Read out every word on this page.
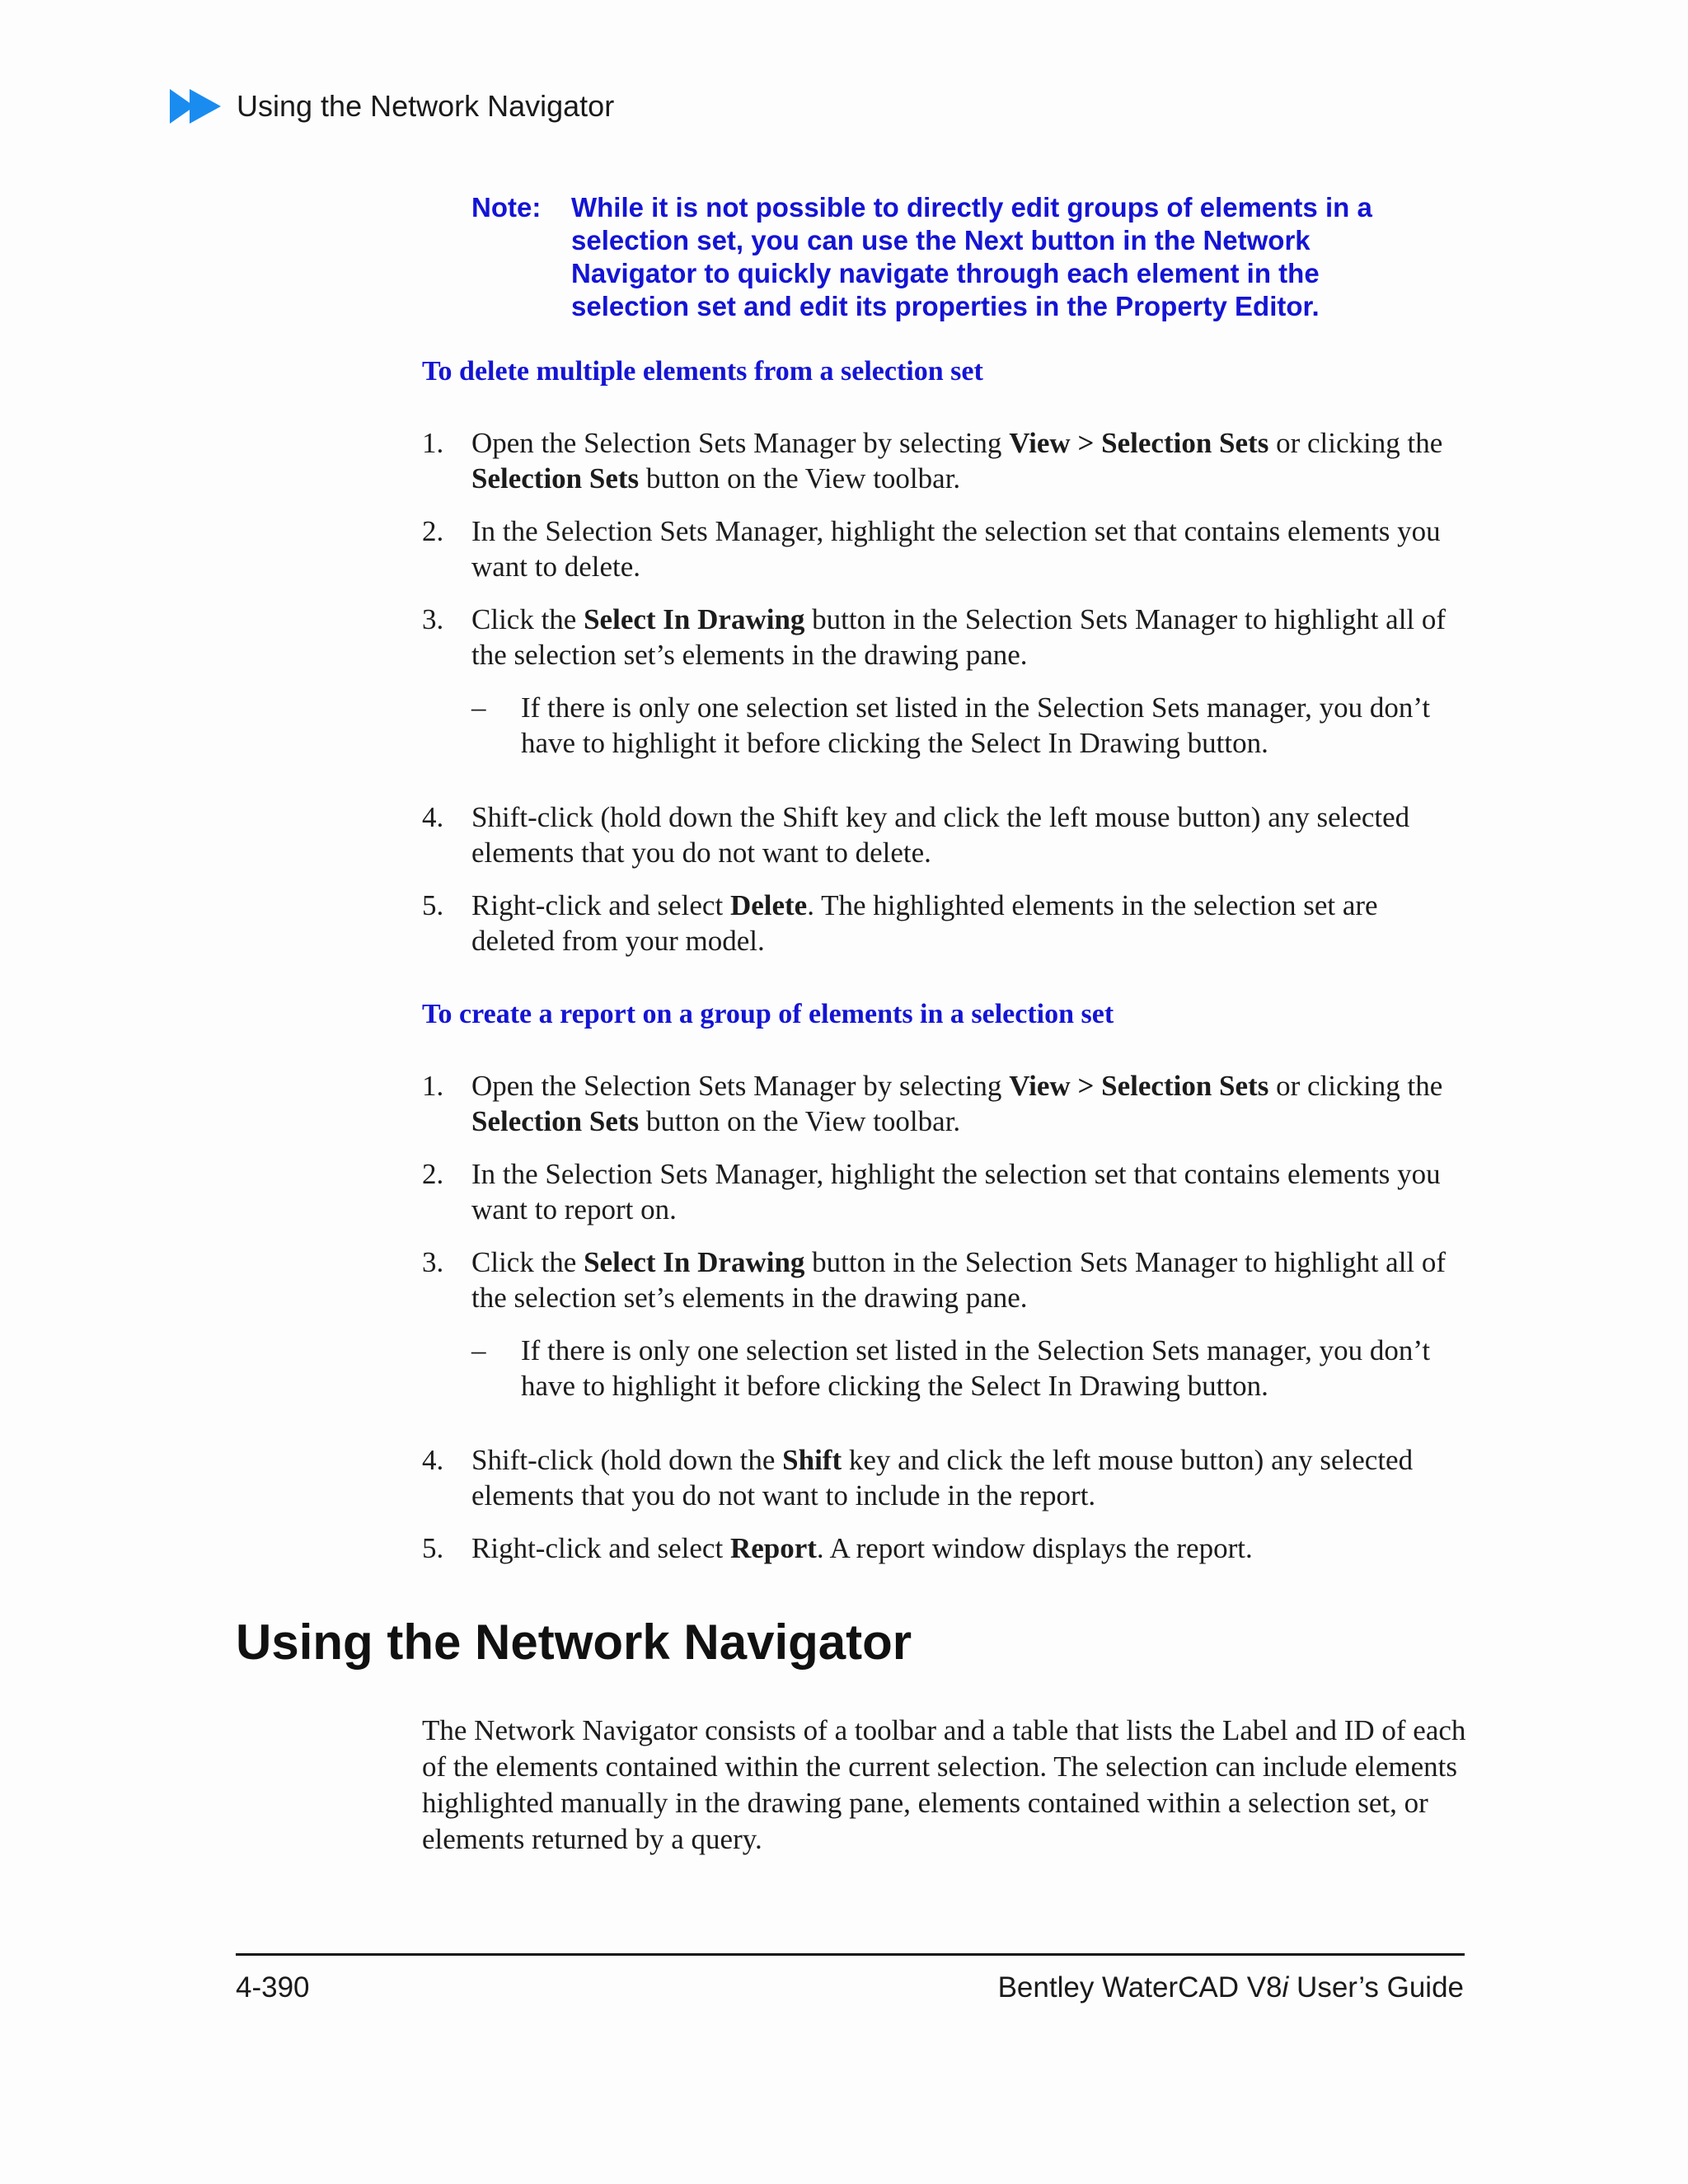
Using the Network Navigator
Note: While it is not possible to directly edit groups of elements in a selection set, you can use the Next button in the Network Navigator to quickly navigate through each element in the selection set and edit its properties in the Property Editor.
To delete multiple elements from a selection set
1. Open the Selection Sets Manager by selecting View > Selection Sets or clicking the Selection Sets button on the View toolbar.
2. In the Selection Sets Manager, highlight the selection set that contains elements you want to delete.
3. Click the Select In Drawing button in the Selection Sets Manager to highlight all of the selection set’s elements in the drawing pane.
– If there is only one selection set listed in the Selection Sets manager, you don’t have to highlight it before clicking the Select In Drawing button.
4. Shift-click (hold down the Shift key and click the left mouse button) any selected elements that you do not want to delete.
5. Right-click and select Delete. The highlighted elements in the selection set are deleted from your model.
To create a report on a group of elements in a selection set
1. Open the Selection Sets Manager by selecting View > Selection Sets or clicking the Selection Sets button on the View toolbar.
2. In the Selection Sets Manager, highlight the selection set that contains elements you want to report on.
3. Click the Select In Drawing button in the Selection Sets Manager to highlight all of the selection set’s elements in the drawing pane.
– If there is only one selection set listed in the Selection Sets manager, you don’t have to highlight it before clicking the Select In Drawing button.
4. Shift-click (hold down the Shift key and click the left mouse button) any selected elements that you do not want to include in the report.
5. Right-click and select Report. A report window displays the report.
Using the Network Navigator
The Network Navigator consists of a toolbar and a table that lists the Label and ID of each of the elements contained within the current selection. The selection can include elements highlighted manually in the drawing pane, elements contained within a selection set, or elements returned by a query.
4-390	Bentley WaterCAD V8i User’s Guide
